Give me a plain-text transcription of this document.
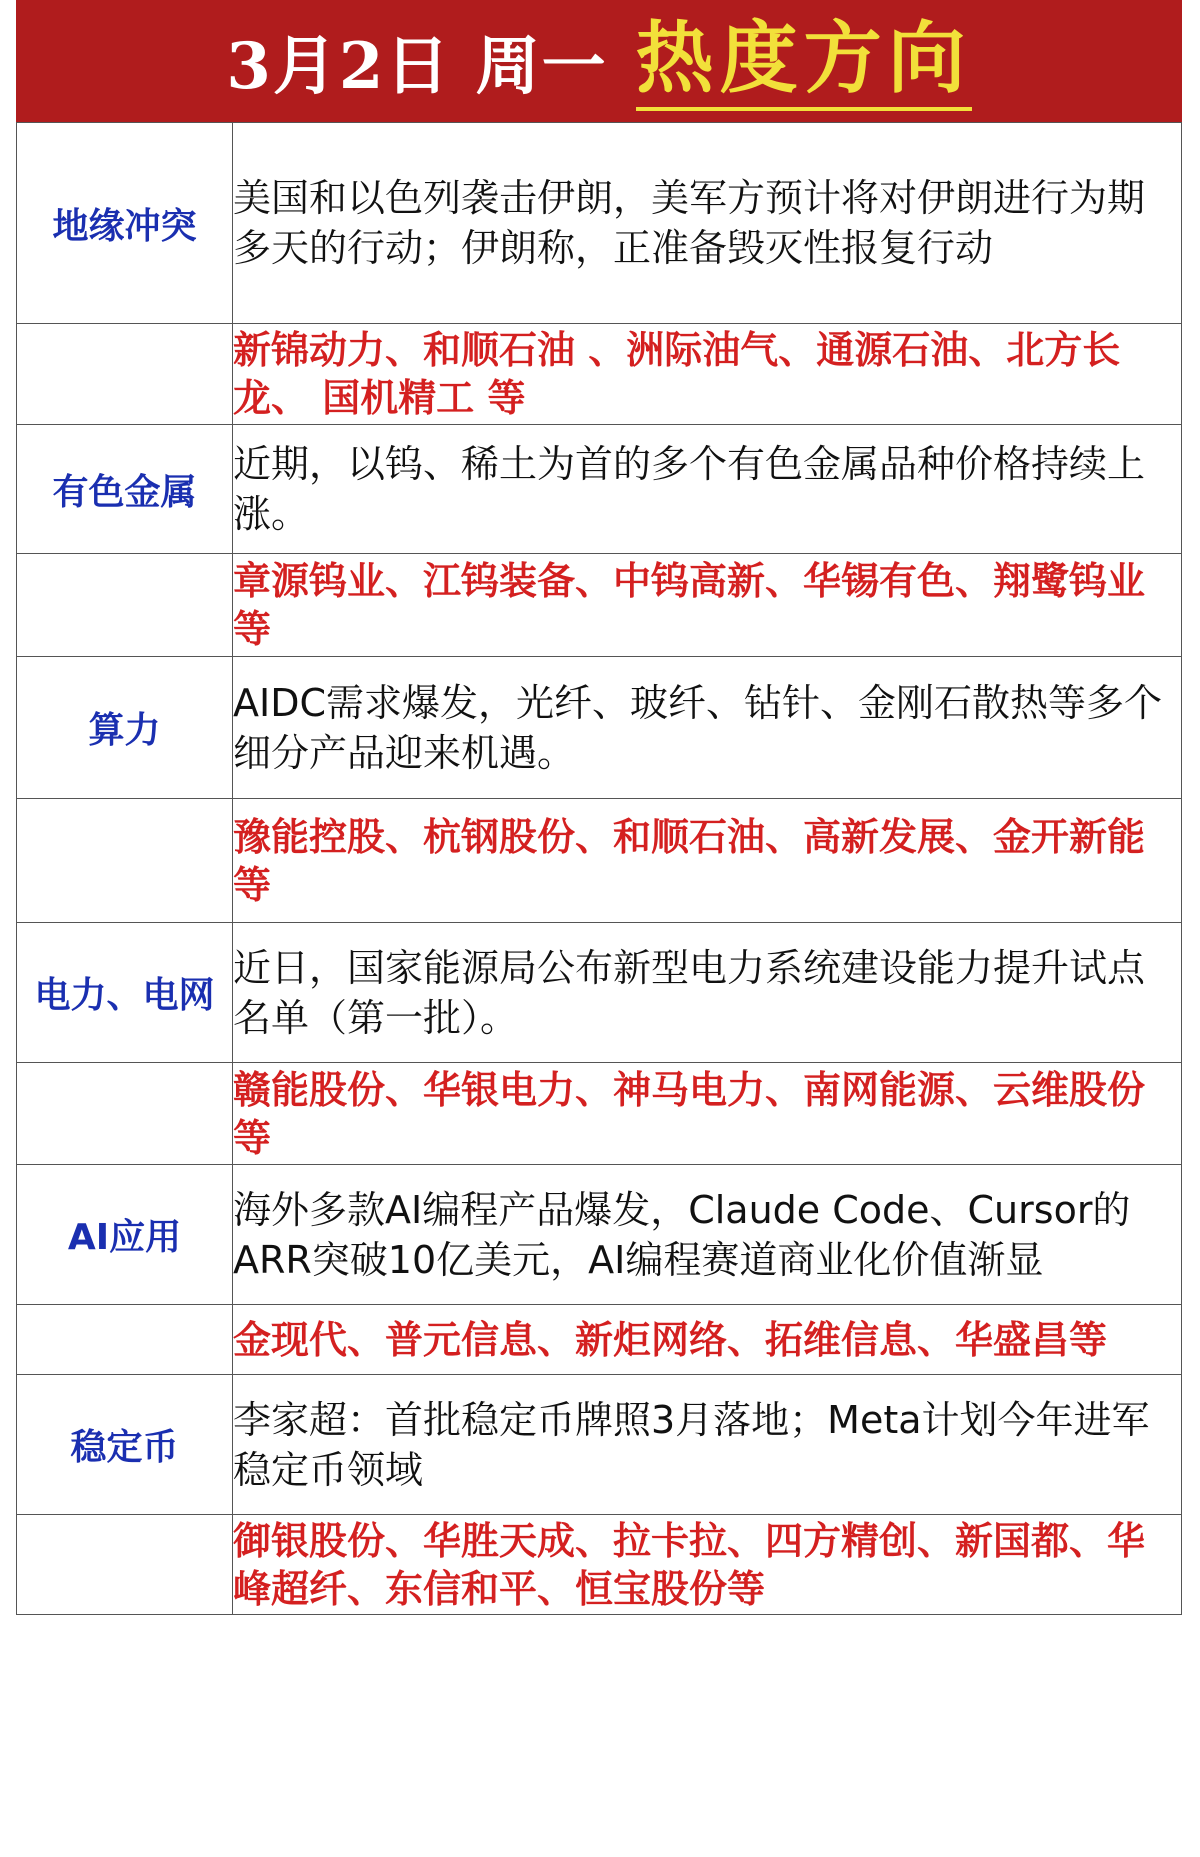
3月2日 周一 热度方向
地缘冲突	美国和以色列袭击伊朗，美军方预计将对伊朗进行为期多天的行动；伊朗称，正准备毁灭性报复行动
	新锦动力、和顺石油 、洲际油气、通源石油、北方长龙、 国机精工 等
有色金属	近期，以钨、稀土为首的多个有色金属品种价格持续上涨。
	章源钨业、江钨装备、中钨高新、华锡有色、翔鹭钨业等
算力	AIDC需求爆发，光纤、玻纤、钻针、金刚石散热等多个细分产品迎来机遇。
	豫能控股、杭钢股份、和顺石油、高新发展、金开新能等
电力、电网	近日，国家能源局公布新型电力系统建设能力提升试点名单（第一批）。
	赣能股份、华银电力、神马电力、南网能源、云维股份等
AI应用	海外多款AI编程产品爆发，Claude Code、Cursor的ARR突破10亿美元，AI编程赛道商业化价值渐显
	金现代、普元信息、新炬网络、拓维信息、华盛昌等
稳定币	李家超：首批稳定币牌照3月落地；Meta计划今年进军稳定币领域
	御银股份、华胜天成、拉卡拉、四方精创、新国都、华峰超纤、东信和平、恒宝股份等
